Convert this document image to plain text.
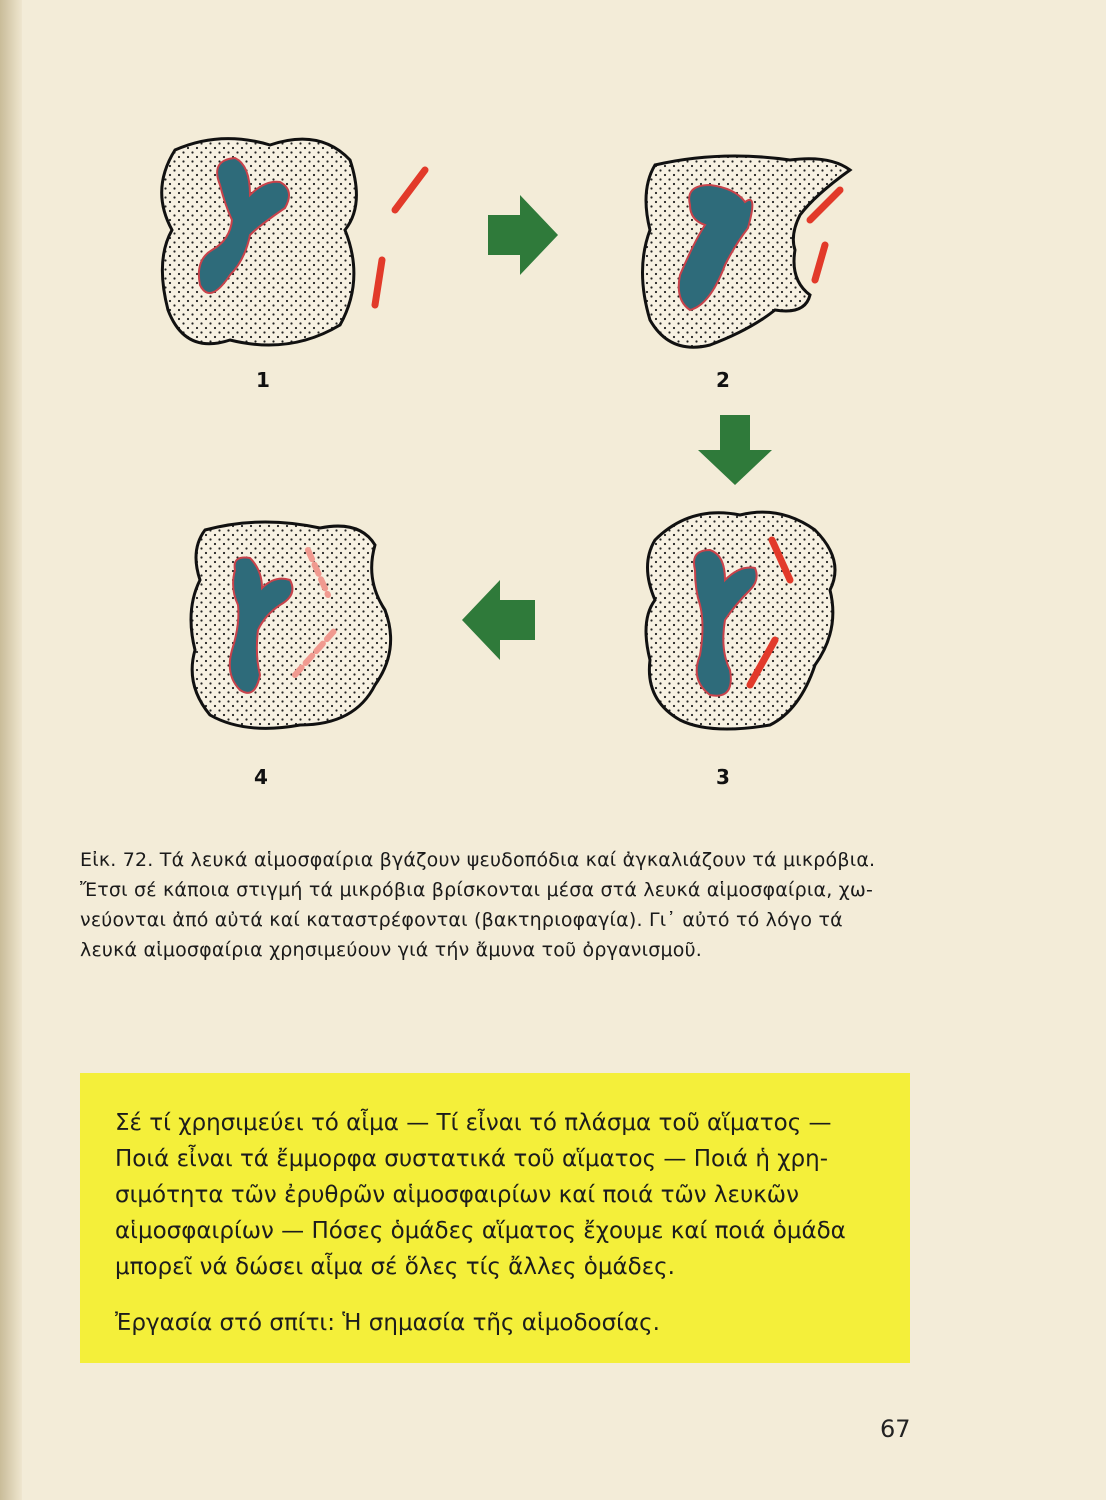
1	2
3
4

Εἰκ. 72. Τά λευκά αἱμοσφαίρια βγάζουν ψευδοπόδια καί ἀγκαλιάζουν τά μικρόβια.

Ἔτσι σέ κάποια στιγμή τά μικρόβια βρίσκονται μέσα στά λευκά αἱμοσφαίρια, χω-

νεύονται ἀπό αὐτά καί καταστρέφονται (βακτηριοφαγία). Γι᾽ αὐτό τό λόγο τά

λευκά αἱμοσφαίρια χρησιμεύουν γιά τήν ἄμυνα τοῦ ὀργανισμοῦ.

Σέ τί χρησιμεύει τό αἷμα — Τί εἶναι τό πλάσμα τοῦ αἵματος —

Ποιά εἶναι τά ἔμμορφα συστατικά τοῦ αἵματος — Ποιά ἡ χρη-

σιμότητα τῶν ἐρυθρῶν αἱμοσφαιρίων καί ποιά τῶν λευκῶν

αἱμοσφαιρίων — Πόσες ὁμάδες αἵματος ἔχουμε καί ποιά ὁμάδα

μπορεῖ νά δώσει αἷμα σέ ὅλες τίς ἄλλες ὁμάδες.

Ἐργασία στό σπίτι: Ἡ σημασία τῆς αἱμοδοσίας.
67
